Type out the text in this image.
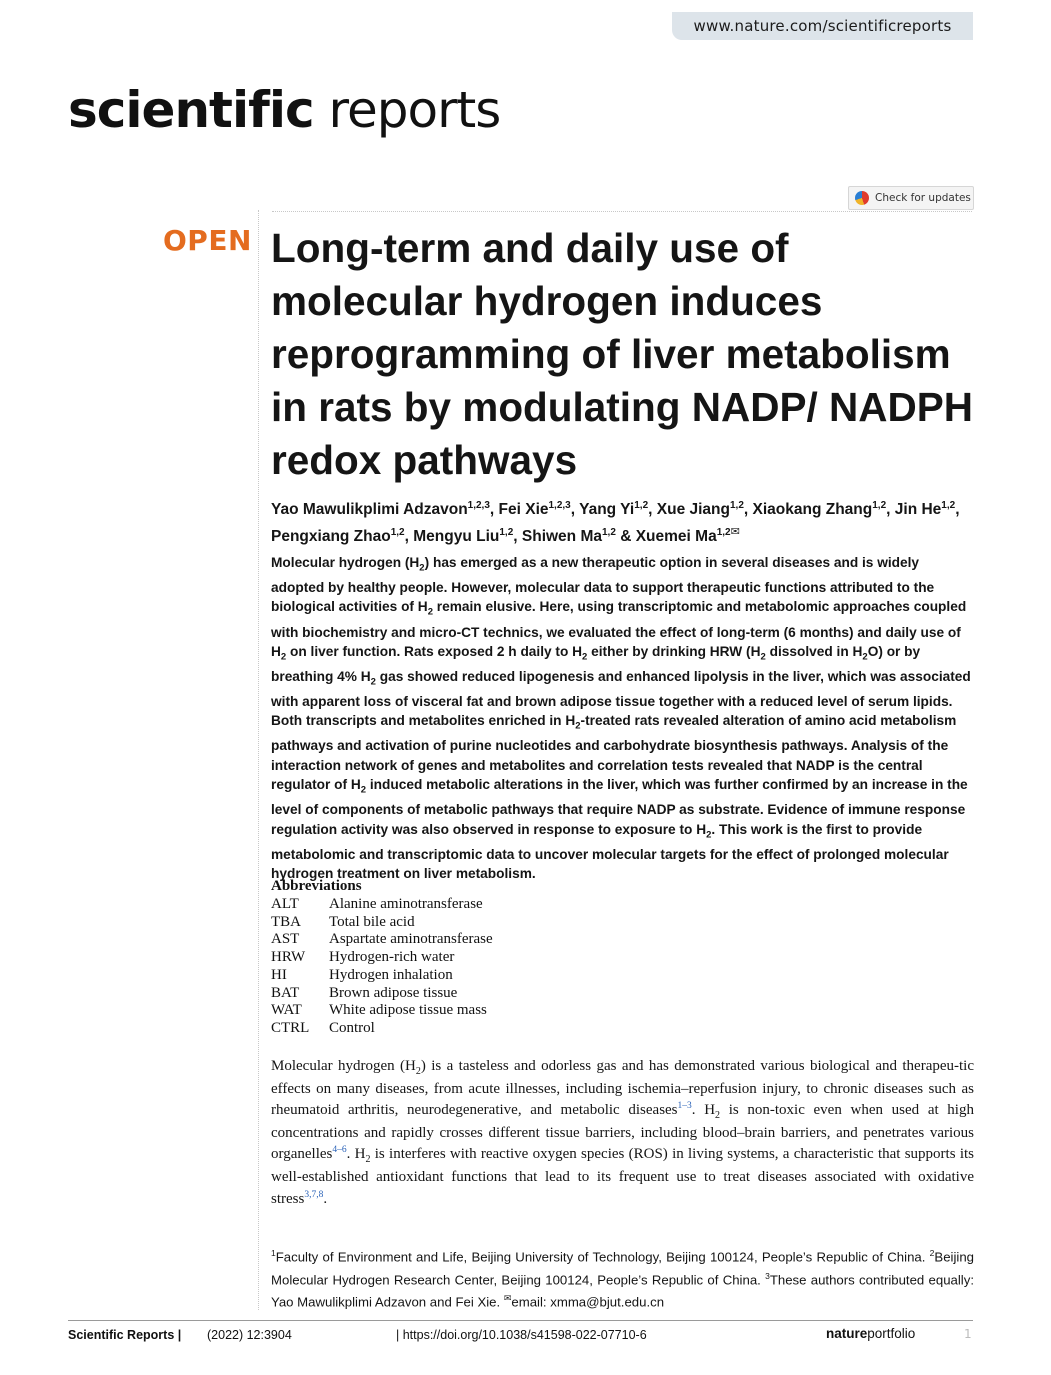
www.nature.com/scientificreports
scientific reports
Check for updates
OPEN Long-term and daily use of molecular hydrogen induces reprogramming of liver metabolism in rats by modulating NADP/ NADPH redox pathways

Yao Mawulikplimi Adzavon$^{1,2,3}$, Fei Xie$^{1,2,3}$, Yang Yi$^{1,2}$, Xue Jiang$^{1,2}$, Xiaokang Zhang$^{1,2}$, Jin He$^{1,2}$, Pengxiang Zhao$^{1,2}$, Mengyu Liu$^{1,2}$, Shiwen Ma$^{1,2}$ & Xuemei $Ma^{1,2✉}$

Molecular hydrogen $(H_2)$ has emerged as a new therapeutic option in several diseases and is widely adopted by healthy people. However, molecular data to support therapeutic functions attributed to the biological activities of $H_2$ remain elusive. Here, using transcriptomic and metabolomic approaches coupled with biochemistry and micro-CT technics, we evaluated the effect of long-term (6 months) and daily use of $H_2$ on liver function. Rats exposed 2 h daily to $H_2$ either by drinking HRW ($H_2$ dissolved in $H_2O$) or by breathing 4% $H_2$ gas showed reduced lipogenesis and enhanced lipolysis in the liver, which was associated with apparent loss of visceral fat and brown adipose tissue together with a reduced level of serum lipids. Both transcripts and metabolites enriched in $H_2$-treated rats revealed alteration of amino acid metabolism pathways and activation of purine nucleotides and carbohydrate biosynthesis pathways. Analysis of the interaction network of genes and metabolites and correlation tests revealed that NADP is the central regulator of $H_2$ induced metabolic alterations in the liver, which was further confirmed by an increase in the level of components of metabolic pathways that require NADP as substrate. Evidence of immune response regulation activity was also observed in response to exposure to $H_2$. This work is the first to provide metabolomic and transcriptomic data to uncover molecular targets for the effect of prolonged molecular hydrogen treatment on liver metabolism.

Abbreviations
ALT	Alanine aminotransferase
TBA	Total bile acid
AST	Aspartate aminotransferase
HRW	Hydrogen-rich water
HI	Hydrogen inhalation
BAT	Brown adipose tissue
WAT	White adipose tissue mass
CTRL	Control

Molecular hydrogen $(H_2)$ is a tasteless and odorless gas and has demonstrated various biological and therapeu-tic effects on many diseases, from acute illnesses, including ischemia–reperfusion injury, to chronic diseases such as rheumatoid arthritis, neurodegenerative, and metabolic diseases$^{1-3}$. $H_2$ is non-toxic even when used at high concentrations and rapidly crosses different tissue barriers, including blood–brain barriers, and penetrates various organelles$^{4-6}$. $H_2$ is interferes with reactive oxygen species (ROS) in living systems, a characteristic that supports its well-established antioxidant functions that lead to its frequent use to treat diseases associated with oxidative stress$^{3,7,8}$.

$^1$Faculty of Environment and Life, Beijing University of Technology, Beijing 100124, People’s Republic of China. $^2$Beijing Molecular Hydrogen Research Center, Beijing 100124, People’s Republic of China. $^3$These authors contributed equally: Yao Mawulikplimi Adzavon and Fei Xie. ✉email: xmma@bjut.edu.cn

Scientific Reports | (2022) 12:3904	| https://doi.org/10.1038/s41598-022-07710-6	natureportfolio	1
